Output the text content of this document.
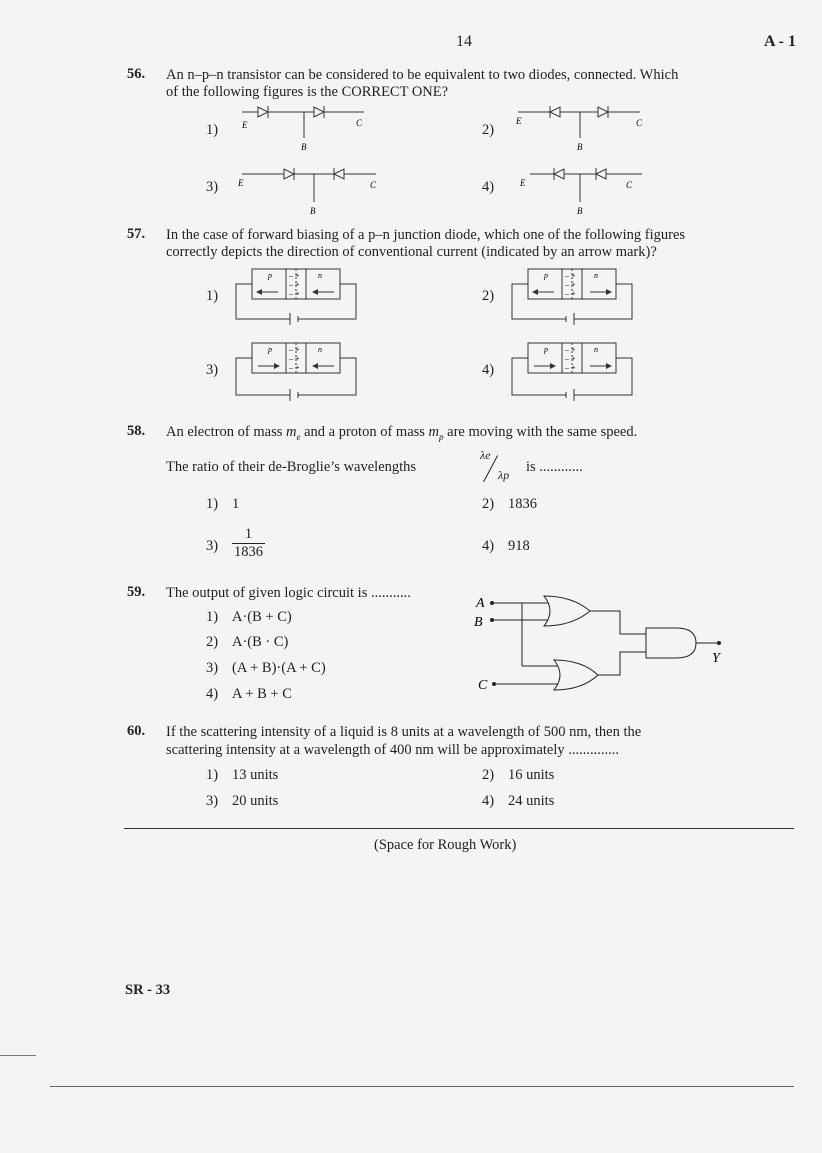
14	A - 1
56. An n–p–n transistor can be considered to be equivalent to two diodes, connected. Which
of the following figures is the CORRECT ONE?
1)	2)
3)	4)
E	C
B
E	C
B
E	C
B
E	C
B
57. In the case of forward biasing of a p–n junction diode, which one of the following figures
correctly depicts the direction of conventional current (indicated by an arrow mark)?
1)	2)
3)	4)
– +
– +
– +
p	n	– +
– +
– +
p	n
– +
– +
– +
p	n	– +
– +
– +
p	n
58. An electron of mass $m_e$ and a proton of mass $m_p$ are moving with the same speed.
The ratio of their de-Broglie’s wavelengths
λe
λp is ............
1) 1	2) 1836
$3) \frac{1}{1836}$	4) 918
59. The output of given logic circuit is ...........
1) A·(B + C)
2) A·(B · C)
3) (A + B)·(A + C)
4) A + B + C
A
B
C
Y
60. If the scattering intensity of a liquid is 8 units at a wavelength of 500 nm, then the
scattering intensity at a wavelength of 400 nm will be approximately ..............
1) 13 units	2) 16 units
3) 20 units	4) 24 units
(Space for Rough Work)
SR - 33
